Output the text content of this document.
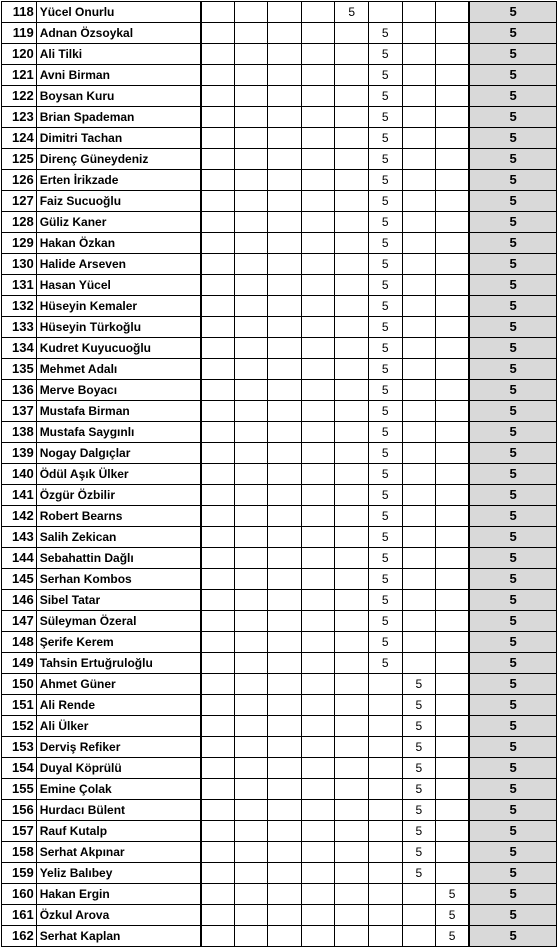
118	Yücel Onurlu					5				5
119	Adnan Özsoykal						5			5
120	Ali Tilki						5			5
121	Avni Birman						5			5
122	Boysan Kuru						5			5
123	Brian Spademan						5			5
124	Dimitri Tachan						5			5
125	Direnç Güneydeniz						5			5
126	Erten İrikzade						5			5
127	Faiz Sucuoğlu						5			5
128	Güliz Kaner						5			5
129	Hakan Özkan						5			5
130	Halide Arseven						5			5
131	Hasan Yücel						5			5
132	Hüseyin Kemaler						5			5
133	Hüseyin Türkoğlu						5			5
134	Kudret Kuyucuoğlu						5			5
135	Mehmet Adalı						5			5
136	Merve Boyacı						5			5
137	Mustafa Birman						5			5
138	Mustafa Saygınlı						5			5
139	Nogay Dalgıçlar						5			5
140	Ödül Aşık Ülker						5			5
141	Özgür Özbilir						5			5
142	Robert Bearns						5			5
143	Salih Zekican						5			5
144	Sebahattin Dağlı						5			5
145	Serhan Kombos						5			5
146	Sibel Tatar						5			5
147	Süleyman Özeral						5			5
148	Şerife Kerem						5			5
149	Tahsin Ertuğruloğlu						5			5
150	Ahmet Güner							5		5
151	Ali Rende							5		5
152	Ali Ülker							5		5
153	Derviş Refiker							5		5
154	Duyal Köprülü							5		5
155	Emine Çolak							5		5
156	Hurdacı Bülent							5		5
157	Rauf Kutalp							5		5
158	Serhat Akpınar							5		5
159	Yeliz Balıbey							5		5
160	Hakan Ergin								5	5
161	Özkul Arova								5	5
162	Serhat Kaplan								5	5
